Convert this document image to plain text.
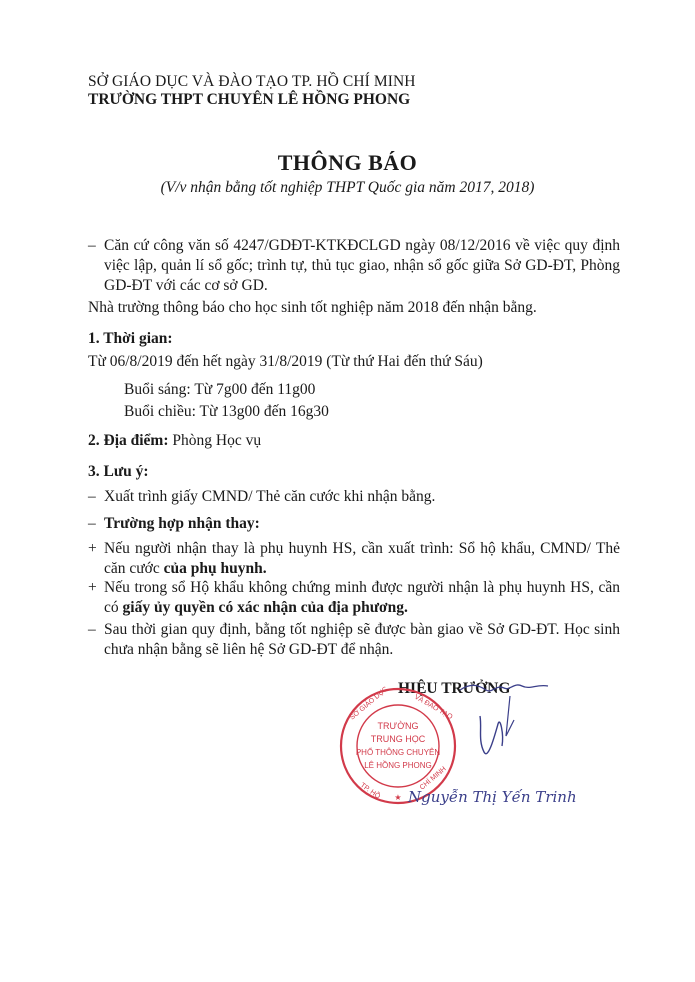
SỞ GIÁO DỤC VÀ ĐÀO TẠO TP. HỒ CHÍ MINH
TRƯỜNG THPT CHUYÊN LÊ HỒNG PHONG
THÔNG BÁO
(V/v nhận bằng tốt nghiệp THPT Quốc gia năm 2017, 2018)
– Căn cứ công văn số 4247/GDĐT-KTKĐCLGD ngày 08/12/2016 về việc quy định việc lập, quản lí sổ gốc; trình tự, thủ tục giao, nhận sổ gốc giữa Sở GD-ĐT, Phòng GD-ĐT với các cơ sở GD.
Nhà trường thông báo cho học sinh tốt nghiệp năm 2018 đến nhận bằng.
1. Thời gian:
Từ 06/8/2019 đến hết ngày 31/8/2019 (Từ thứ Hai đến thứ Sáu)
Buổi sáng: Từ 7g00 đến 11g00
Buổi chiều: Từ 13g00 đến 16g30
2. Địa điểm: Phòng Học vụ
3. Lưu ý:
– Xuất trình giấy CMND/ Thẻ căn cước khi nhận bằng.
– Trường hợp nhận thay:
+ Nếu người nhận thay là phụ huynh HS, cần xuất trình: Sổ hộ khẩu, CMND/ Thẻ căn cước của phụ huynh.
+ Nếu trong sổ Hộ khẩu không chứng minh được người nhận là phụ huynh HS, cần có giấy ủy quyền có xác nhận của địa phương.
– Sau thời gian quy định, bằng tốt nghiệp sẽ được bàn giao về Sở GD-ĐT. Học sinh chưa nhận bằng sẽ liên hệ Sở GD-ĐT để nhận.
HIỆU TRƯỞNG
TRƯỜNG
TRUNG HỌC
PHỔ THÔNG CHUYÊN
LÊ HỒNG PHONG
SỞ GIÁO DỤC	VÀ ĐÀO TẠO
TP. HỒ	CHÍ MINH
★ Nguyễn Thị Yến Trinh
